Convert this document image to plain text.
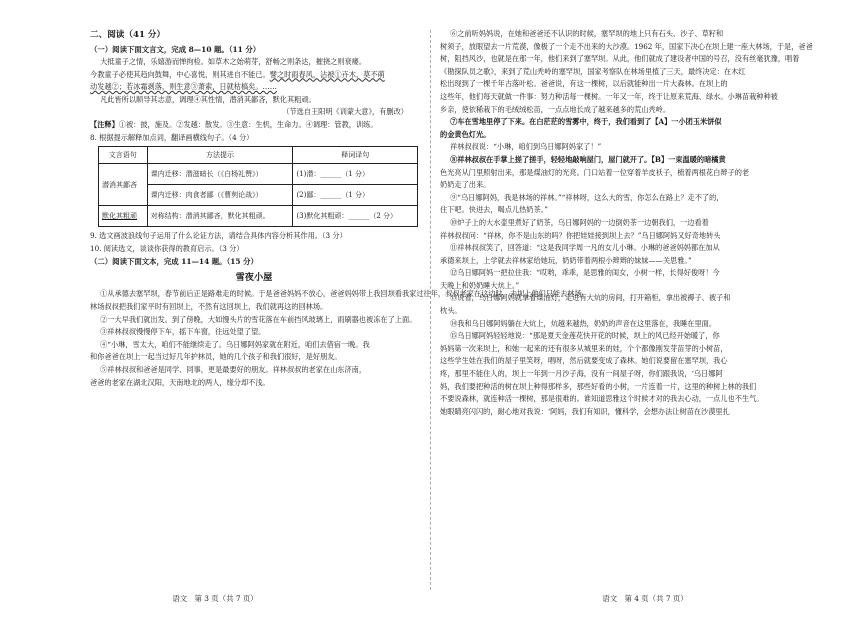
二、阅读（41 分）

（一）阅读下面文言文，完成 8—10 题。（11 分）

大抵童子之情，乐嬉游而惮拘检。如草木之始萌芽，舒畅之则条达，摧挠之则衰痿。

今教童子必使其趋向鼓舞，中心喜悦，则其进自不能已。譬之时雨春风，沾被①卉木，莫不萌

动发越②；若冰霜剥落，则生意③萧索，日就枯槁矣。……

凡此皆所以顺导其志意，调理④其性情，潜消其鄙吝，默化其粗顽。

（节选自王阳明《训蒙大意》，有删改）

【注释】①被：披，施及。②发越：散发。③生意：生机，生命力。④调理：管教，训练。

8. 根据提示解释加点词，翻译画横线句子。（4 分）

文言语句	方法提示	释词译句
潜消其鄙吝	课内迁移：潜滋暗长（《白杨礼赞》）	(1)潜：______（1 分）
	课内迁移：肉食者鄙（《曹刿论战》）	(2)鄙：______（1 分）
默化其粗顽	对称结构：潜消其鄙吝，默化其粗顽。	(3)默化其粗顽：______（2 分）

9. 选文画波浪线句子运用了什么论证方法，请结合具体内容分析其作用。（3 分）

10. 阅读选文，谈谈你获得的教育启示。（3 分）

（二）阅读下面文本，完成 11—14 题。（15 分）

雪夜小屋

①从承德去塞罕坝，春节前后正是路难走的时候。于是爸爸妈妈不放心，爸爸妈妈带上我回坝看我家过往年，叔叔老家在这边时，去坝上他们只能去林场。

林场叔叔把我们家平时有回坝上，不然有这回坝上，我们就再这的回林场。

②一大早我们就出发。到了傍晚，大如馒头片的雪花落在车前挡风玻璃上，雨刷器也被冻在了上面。

③祥林叔叔慢慢停下车，摇下车窗，往远处望了望。

④“小琳，雪太大，咱们不能继续走了。乌日娜阿妈家就在附近，咱们去借宿一晚。我

和你爸爸在坝上一起当过好几年护林员，她的几个孩子和我们很好，是好朋友。

⑤祥林叔叔和爸爸是同学、同事，更是最要好的朋友。祥林叔叔的老家在山东济南，

爸爸的老家在湖北汉阳，天南地北的两人，缘分却不浅。

语文　第 3 页（共 7 页）

⑥之前听妈妈说，在她和爸爸还不认识的时候，塞罕坝的地上只有石头、沙子、草籽和

树须子，放眼望去一片荒漠，像极了一个走不出来的大沙漠。1962 年，国家下决心在坝上建一座大林场，于是，爸爸

树，阻挡风沙，也就是在那一年，他们来到了塞罕坝。从此，他们就成了建设者中国的号召，没有丝毫犹豫，唱着

《勘探队员之歌》，来到了荒山秃岭的塞罕坝，国家考察队在林场里植了三天，最终决定：在木红

松出现到了一棵千年古落叶松。爸爸说，有这一棵树，以后就能种出一片大森林。在坝上的

这些年，他们每天就做一件事：努力种活每一棵树。一年又一年，终于让原来荒海、绿水。小琳苗栽种种被

乡亲，使依稀栽下的毛绒绒松苗，一点点地长成了越来越多的荒山秃岭。

⑦车在雪地里停了下来。在白茫茫的雪雾中，终于，我们看到了【A】一小团玉米饼似

的金黄色灯光。

祥林叔叔说：“小琳，咱们到乌日娜阿妈家了！”

⑧祥林叔叔在手掌上搓了搓手，轻轻地敲响屋门，屋门就开了。【B】一束温暖的暗橘黄

色光亮从门里照射出来，那是煤油灯的光亮。门口站着一位穿着羊皮袄子，梳着两根花白辫子的老

奶奶走了出来。

⑨“乌日娜阿妈，我是林场的祥林。”“祥林呀，这么大的雪，你怎么在路上？走不了的，

住下吧。快进去，喝点儿热奶茶。”

⑩炉子上的大水壶里煮好了奶茶，乌日娜阿妈的一边倒奶茶一边朝我们，一边看着

祥林叔叔问：“祥林，你不是山东的吗？你把娃娃接到坝上去？”乌日娜阿妈又好奇地转头

⑪祥林叔叔笑了，回答道：“这是我同学周一凡的女儿小琳。小琳的爸爸妈妈都在加从

承德来坝上，上学就去祥林家给她玩，奶奶带着两根小辫辫的妹妹——关思雅。”

⑫乌日娜阿妈一把拉住我：“哎哟，乖乖，是思雅的闺女，小树一样，长得好俊呀！今

天晚上和奶奶睡大炕上。”

⑬说着，乌日娜阿妈就拿着煤油灯，走进有大炕的房间，打开箱柜，拿出被褥子、被子和

枕头。

⑭我和乌日娜阿妈躺在大炕上，炕越来越热，奶奶的声音在这里落在，我睡在里面。

⑮乌日娜阿妈轻轻地说：“那是夏天金莲花快开花的时候，坝上的风已经开始暖了，你

妈妈第一次来坝上，和她一起来的还有很多从城里来的娃，个个都像刚发芽苗芽的小树苗，

这些学生娃在我们的屋子里笑呀，唱呀，然后就要变成了森林。她们说要留在塞罕坝，我心

疼，那里不能住人的，坝上一年到一月沙子海，没有一间屋子呀，你们跟我说，‘乌日娜阿

妈，我们要把种活的树在坝上种得那样多，那些好看的小树，一片连着一片，这里的种树上林的我们

不要说森林，就连种活一棵树，那是很难的。谁知道思雅这个时候才对的我去心动，一点儿也不生气。

她眼睛亮闪闪的，耐心地对我说：‘阿妈，我们有知识，懂科学，会想办法让树苗在沙漠里扎

语文　第 4 页（共 7 页）
